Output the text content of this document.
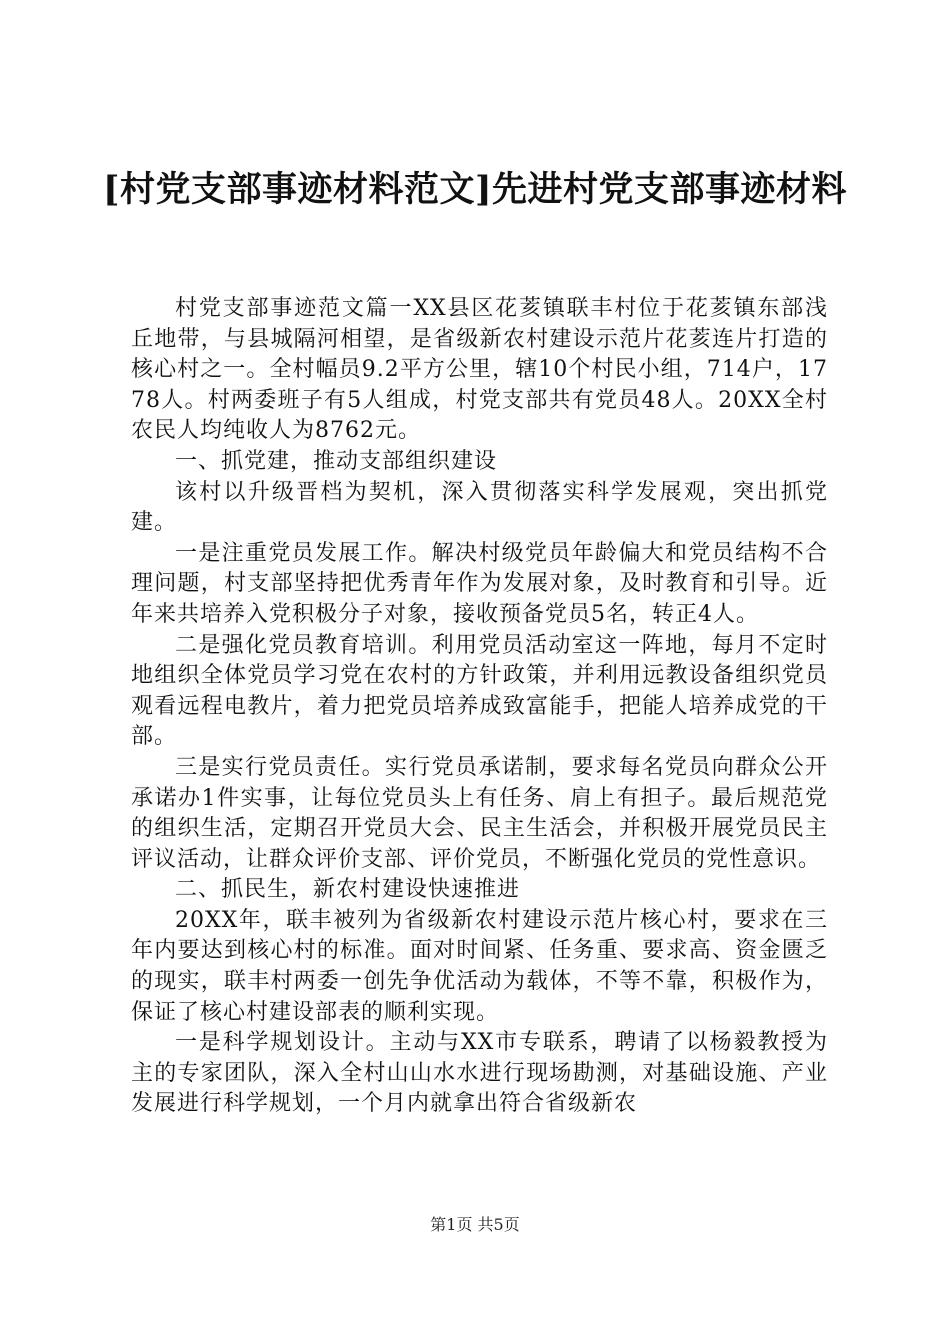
[村党支部事迹材料范文]先进村党支部事迹材料

村党支部事迹范文篇一XX县区花荄镇联丰村位于花荄镇东部浅丘地带，与县城隔河相望，是省级新农村建设示范片花荄连片打造的核心村之一。全村幅员9.2平方公里，辖10个村民小组，714户，1778人。村两委班子有5人组成，村党支部共有党员48人。20XX全村农民人均纯收人为8762元。

一、抓党建，推动支部组织建设

该村以升级晋档为契机，深入贯彻落实科学发展观，突出抓党建。

一是注重党员发展工作。解决村级党员年龄偏大和党员结构不合理问题，村支部坚持把优秀青年作为发展对象，及时教育和引导。近年来共培养入党积极分子对象，接收预备党员5名，转正4人。

二是强化党员教育培训。利用党员活动室这一阵地，每月不定时地组织全体党员学习党在农村的方针政策，并利用远教设备组织党员观看远程电教片，着力把党员培养成致富能手，把能人培养成党的干部。

三是实行党员责任。实行党员承诺制，要求每名党员向群众公开承诺办1件实事，让每位党员头上有任务、肩上有担子。最后规范党的组织生活，定期召开党员大会、民主生活会，并积极开展党员民主评议活动，让群众评价支部、评价党员，不断强化党员的党性意识。

二、抓民生，新农村建设快速推进

20XX年，联丰被列为省级新农村建设示范片核心村，要求在三年内要达到核心村的标准。面对时间紧、任务重、要求高、资金匮乏的现实，联丰村两委一创先争优活动为载体，不等不靠，积极作为，保证了核心村建设部表的顺利实现。

一是科学规划设计。主动与XX市专联系，聘请了以杨毅教授为主的专家团队，深入全村山山水水进行现场勘测，对基础设施、产业发展进行科学规划，一个月内就拿出符合省级新农

第1页 共5页
